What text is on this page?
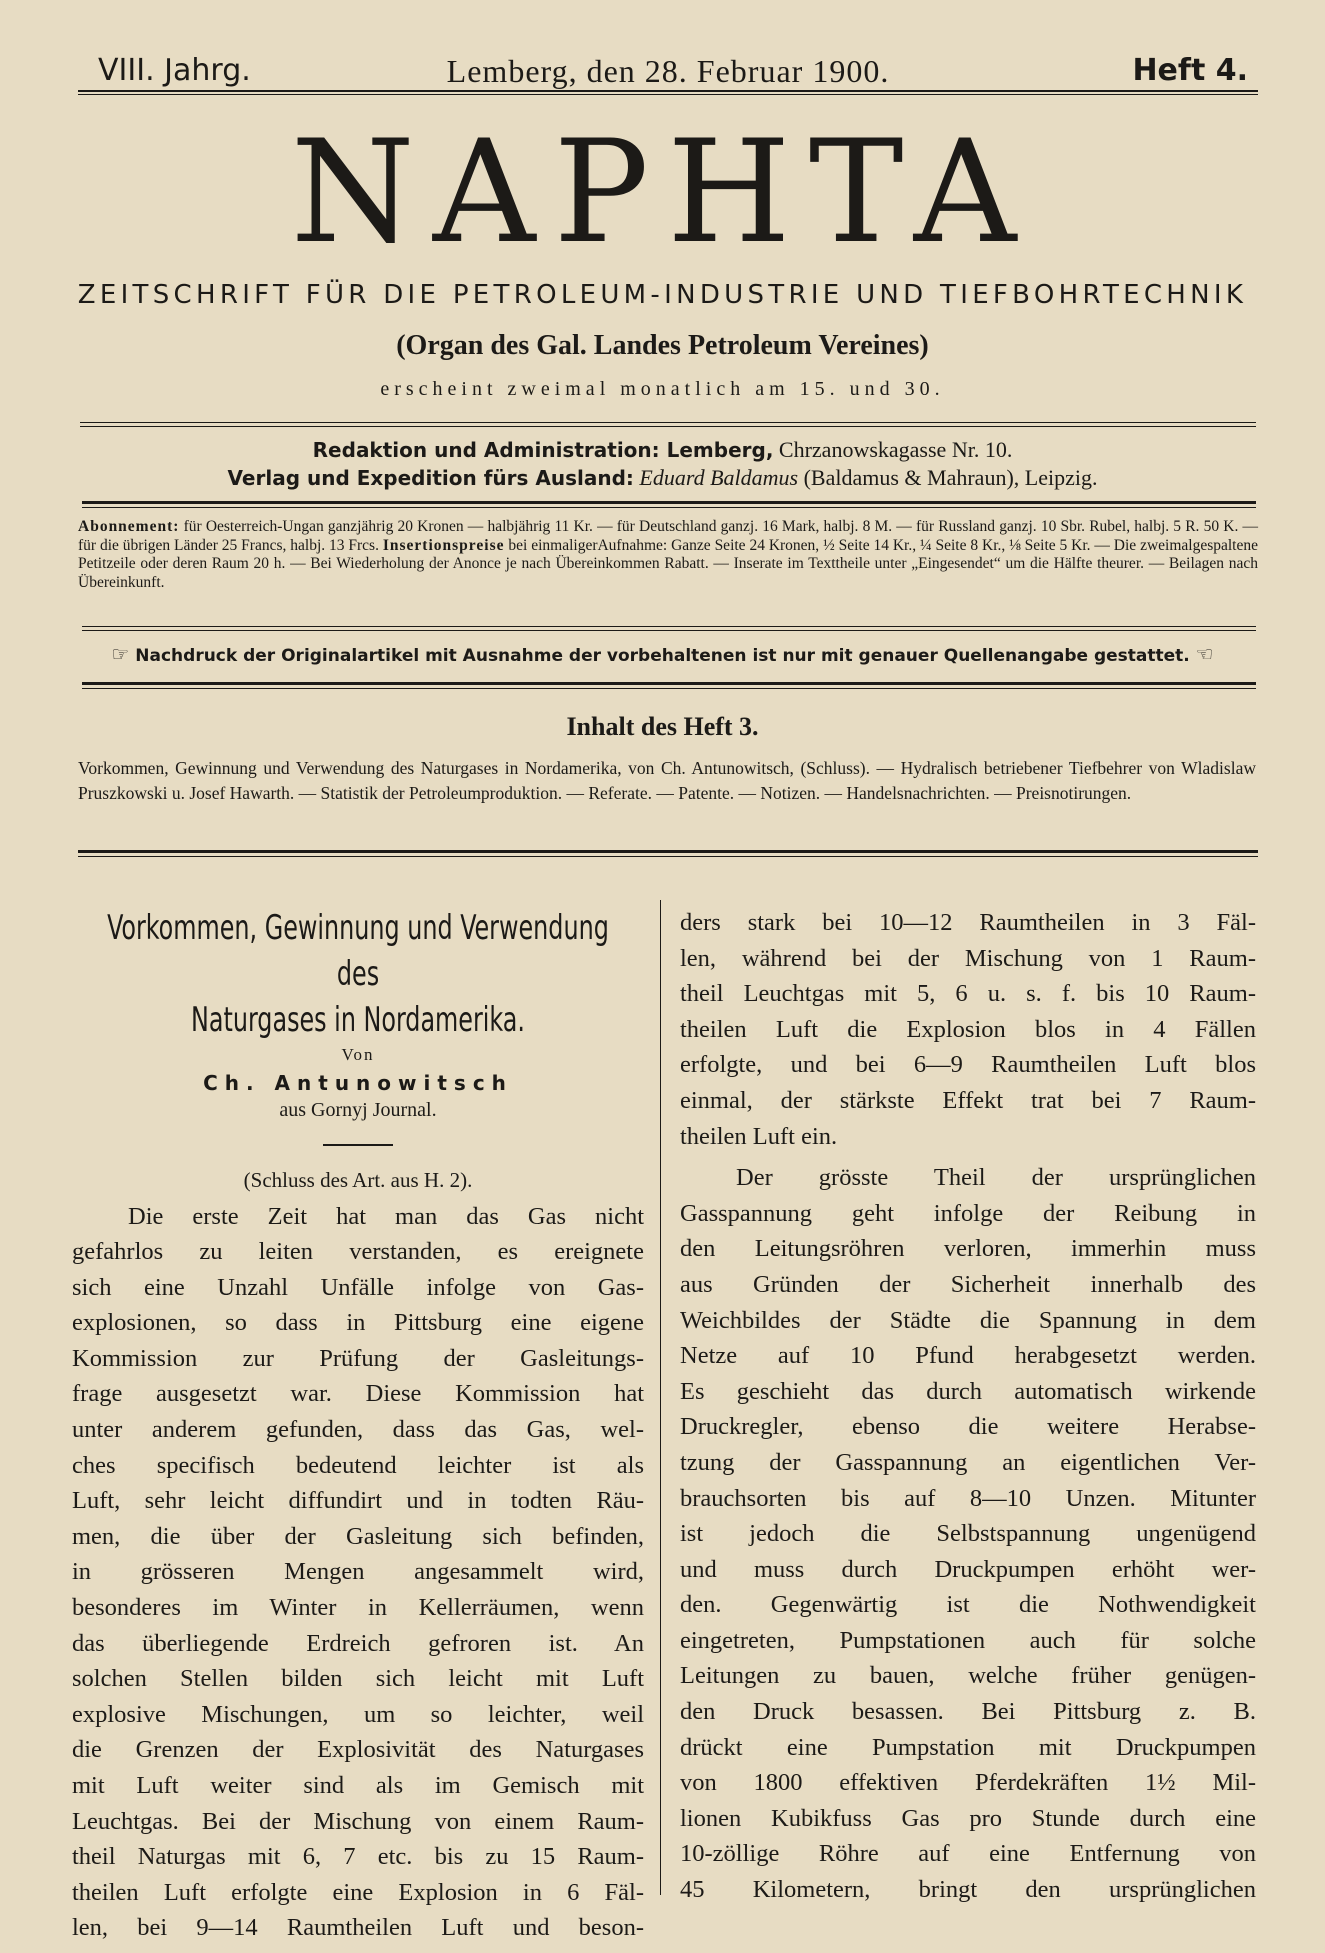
VIII. Jahrg.	Lemberg, den 28. Februar 1900.	Heft 4.
NAPHTA
ZEITSCHRIFT FÜR DIE PETROLEUM-INDUSTRIE UND TIEFBOHRTECHNIK
(Organ des Gal. Landes Petroleum Vereines)
erscheint zweimal monatlich am 15. und 30.
Redaktion und Administration: Lemberg, Chrzanowskagasse Nr. 10.
Verlag und Expedition fürs Ausland: Eduard Baldamus (Baldamus & Mahraun), Leipzig.
Abonnement: für Oesterreich-Ungan ganzjährig 20 Kronen — halbjährig 11 Kr. — für Deutschland ganzj. 16 Mark, halbj. 8 M. — für Russland ganzj. 10 Sbr. Rubel, halbj. 5 R. 50 K. — für die übrigen Länder 25 Francs, halbj. 13 Frcs. Insertionspreise bei einmaligerAufnahme: Ganze Seite 24 Kronen, ½ Seite 14 Kr., ¼ Seite 8 Kr., ⅛ Seite 5 Kr. — Die zweimalgespaltene Petitzeile oder deren Raum 20 h. — Bei Wiederholung der Anonce je nach Übereinkommen Rabatt. — Inserate im Texttheile unter „Eingesendet“ um die Hälfte theurer. — Beilagen nach Übereinkunft.
☞ Nachdruck der Originalartikel mit Ausnahme der vorbehaltenen ist nur mit genauer Quellenangabe gestattet. ☜
Inhalt des Heft 3.
Vorkommen, Gewinnung und Verwendung des Naturgases in Nordamerika, von Ch. Antunowitsch, (Schluss). — Hydralisch betriebener Tiefbehrer von Wladislaw Pruszkowski u. Josef Hawarth. — Statistik der Petroleumproduktion. — Referate. — Patente. — Notizen. — Handelsnachrichten. — Preisnotirungen.
Vorkommen, Gewinnung und Verwendung des
Naturgases in Nordamerika.
Von
Ch. Antunowitsch
aus Gornyj Journal.
(Schluss des Art. aus H. 2).
Die erste Zeit hat man das Gas nicht
gefahrlos zu leiten verstanden, es ereignete
sich eine Unzahl Unfälle infolge von Gas-
explosionen, so dass in Pittsburg eine eigene
Kommission zur Prüfung der Gasleitungs-
frage ausgesetzt war. Diese Kommission hat
unter anderem gefunden, dass das Gas, wel-
ches specifisch bedeutend leichter ist als
Luft, sehr leicht diffundirt und in todten Räu-
men, die über der Gasleitung sich befinden,
in grösseren Mengen angesammelt wird,
besonderes im Winter in Kellerräumen, wenn
das überliegende Erdreich gefroren ist. An
solchen Stellen bilden sich leicht mit Luft
explosive Mischungen, um so leichter, weil
die Grenzen der Explosivität des Naturgases
mit Luft weiter sind als im Gemisch mit
Leuchtgas. Bei der Mischung von einem Raum-
theil Naturgas mit 6, 7 etc. bis zu 15 Raum-
theilen Luft erfolgte eine Explosion in 6 Fäl-
len, bei 9—14 Raumtheilen Luft und beson-
ders stark bei 10—12 Raumtheilen in 3 Fäl-
len, während bei der Mischung von 1 Raum-
theil Leuchtgas mit 5, 6 u. s. f. bis 10 Raum-
theilen Luft die Explosion blos in 4 Fällen
erfolgte, und bei 6—9 Raumtheilen Luft blos
einmal, der stärkste Effekt trat bei 7 Raum-
theilen Luft ein.
Der grösste Theil der ursprünglichen
Gasspannung geht infolge der Reibung in
den Leitungsröhren verloren, immerhin muss
aus Gründen der Sicherheit innerhalb des
Weichbildes der Städte die Spannung in dem
Netze auf 10 Pfund herabgesetzt werden.
Es geschieht das durch automatisch wirkende
Druckregler, ebenso die weitere Herabse-
tzung der Gasspannung an eigentlichen Ver-
brauchsorten bis auf 8—10 Unzen. Mitunter
ist jedoch die Selbstspannung ungenügend
und muss durch Druckpumpen erhöht wer-
den. Gegenwärtig ist die Nothwendigkeit
eingetreten, Pumpstationen auch für solche
Leitungen zu bauen, welche früher genügen-
den Druck besassen. Bei Pittsburg z. B.
drückt eine Pumpstation mit Druckpumpen
von 1800 effektiven Pferdekräften 1½ Mil-
lionen Kubikfuss Gas pro Stunde durch eine
10-zöllige Röhre auf eine Entfernung von
45 Kilometern, bringt den ursprünglichen
